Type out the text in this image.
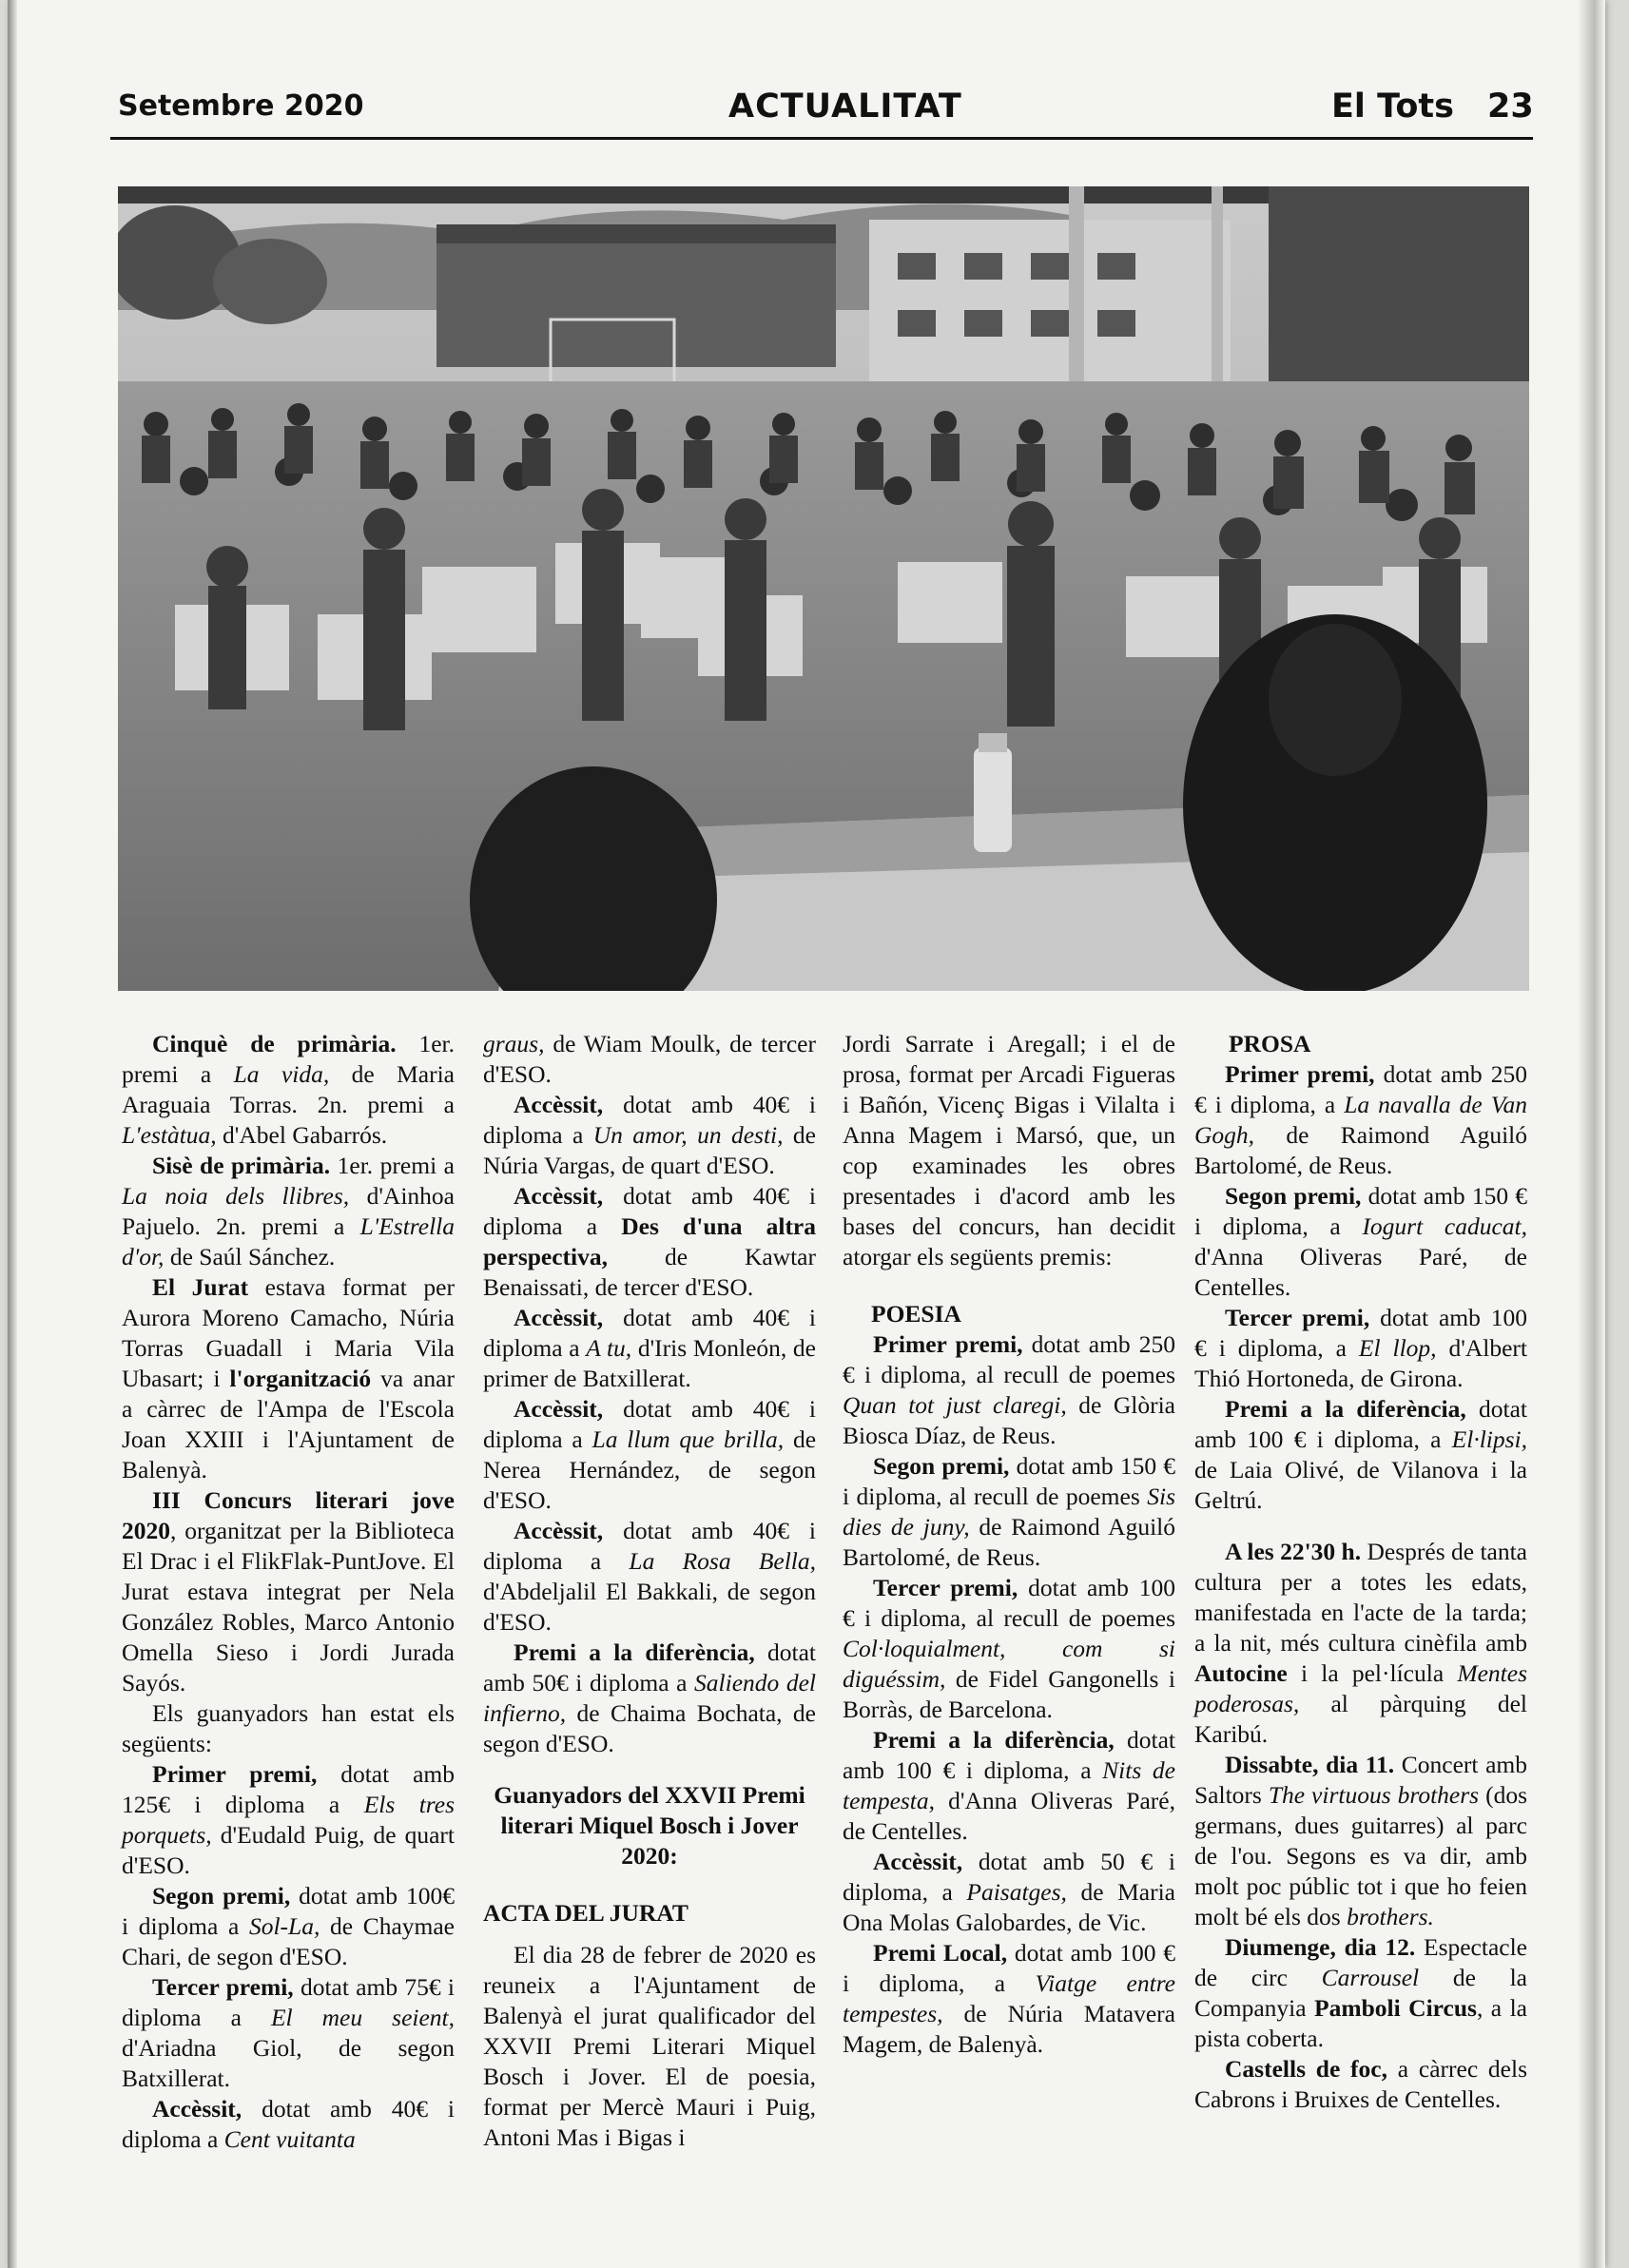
Setembre 2020	ACTUALITAT	El Tots 23

Cinquè de primària. 1er. premi a La vida, de Maria Araguaia Torras. 2n. premi a L'estàtua, d'Abel Gabarrós.

Sisè de primària. 1er. premi a La noia dels llibres, d'Ainhoa Pajuelo. 2n. premi a L'Estrella d'or, de Saúl Sánchez.

El Jurat estava format per Aurora Moreno Camacho, Núria Torras Guadall i Maria Vila Ubasart; i l'organització va anar a càrrec de l'Ampa de l'Escola Joan XXIII i l'Ajuntament de Balenyà.

III Concurs literari jove 2020, organitzat per la Biblioteca El Drac i el FlikFlak-PuntJove. El Jurat estava integrat per Nela González Robles, Marco Antonio Omella Sieso i Jordi Jurada Sayós.

Els guanyadors han estat els següents:

Primer premi, dotat amb 125€ i diploma a Els tres porquets, d'Eudald Puig, de quart d'ESO.

Segon premi, dotat amb 100€ i diploma a Sol-La, de Chaymae Chari, de segon d'ESO.

Tercer premi, dotat amb 75€ i diploma a El meu seient, d'Ariadna Giol, de segon Batxillerat.

Accèssit, dotat amb 40€ i diploma a Cent vuitanta

graus, de Wiam Moulk, de tercer d'ESO.

Accèssit, dotat amb 40€ i diploma a Un amor, un desti, de Núria Vargas, de quart d'ESO.

Accèssit, dotat amb 40€ i diploma a Des d'una altra perspectiva, de Kawtar Benaissati, de tercer d'ESO.

Accèssit, dotat amb 40€ i diploma a A tu, d'Iris Monleón, de primer de Batxillerat.

Accèssit, dotat amb 40€ i diploma a La llum que brilla, de Nerea Hernández, de segon d'ESO.

Accèssit, dotat amb 40€ i diploma a La Rosa Bella, d'Abdeljalil El Bakkali, de segon d'ESO.

Premi a la diferència, dotat amb 50€ i diploma a Saliendo del infierno, de Chaima Bochata, de segon d'ESO.

Guanyadors del XXVII Premi literari Miquel Bosch i Jover 2020:

ACTA DEL JURAT

El dia 28 de febrer de 2020 es reuneix a l'Ajuntament de Balenyà el jurat qualificador del XXVII Premi Literari Miquel Bosch i Jover. El de poesia, format per Mercè Mauri i Puig, Antoni Mas i Bigas i

Jordi Sarrate i Aregall; i el de prosa, format per Arcadi Figueras i Bañón, Vicenç Bigas i Vilalta i Anna Magem i Marsó, que, un cop examinades les obres presentades i d'acord amb les bases del concurs, han decidit atorgar els següents premis:

POESIA

Primer premi, dotat amb 250 € i diploma, al recull de poemes Quan tot just claregi, de Glòria Biosca Díaz, de Reus.

Segon premi, dotat amb 150 € i diploma, al recull de poemes Sis dies de juny, de Raimond Aguiló Bartolomé, de Reus.

Tercer premi, dotat amb 100 € i diploma, al recull de poemes Col·loquialment, com si diguéssim, de Fidel Gangonells i Borràs, de Barcelona.

Premi a la diferència, dotat amb 100 € i diploma, a Nits de tempesta, d'Anna Oliveras Paré, de Centelles.

Accèssit, dotat amb 50 € i diploma, a Paisatges, de Maria Ona Molas Galobardes, de Vic.

Premi Local, dotat amb 100 € i diploma, a Viatge entre tempestes, de Núria Matavera Magem, de Balenyà.

PROSA

Primer premi, dotat amb 250 € i diploma, a La navalla de Van Gogh, de Raimond Aguiló Bartolomé, de Reus.

Segon premi, dotat amb 150 € i diploma, a Iogurt caducat, d'Anna Oliveras Paré, de Centelles.

Tercer premi, dotat amb 100 € i diploma, a El llop, d'Albert Thió Hortoneda, de Girona.

Premi a la diferència, dotat amb 100 € i diploma, a El·lipsi, de Laia Olivé, de Vilanova i la Geltrú.

A les 22'30 h. Després de tanta cultura per a totes les edats, manifestada en l'acte de la tarda; a la nit, més cultura cinèfila amb Autocine i la pel·lícula Mentes poderosas, al pàrquing del Karibú.

Dissabte, dia 11. Concert amb Saltors The virtuous brothers (dos germans, dues guitarres) al parc de l'ou. Segons es va dir, amb molt poc públic tot i que ho feien molt bé els dos brothers.

Diumenge, dia 12. Espectacle de circ Carrousel de la Companyia Pamboli Circus, a la pista coberta.

Castells de foc, a càrrec dels Cabrons i Bruixes de Centelles.
